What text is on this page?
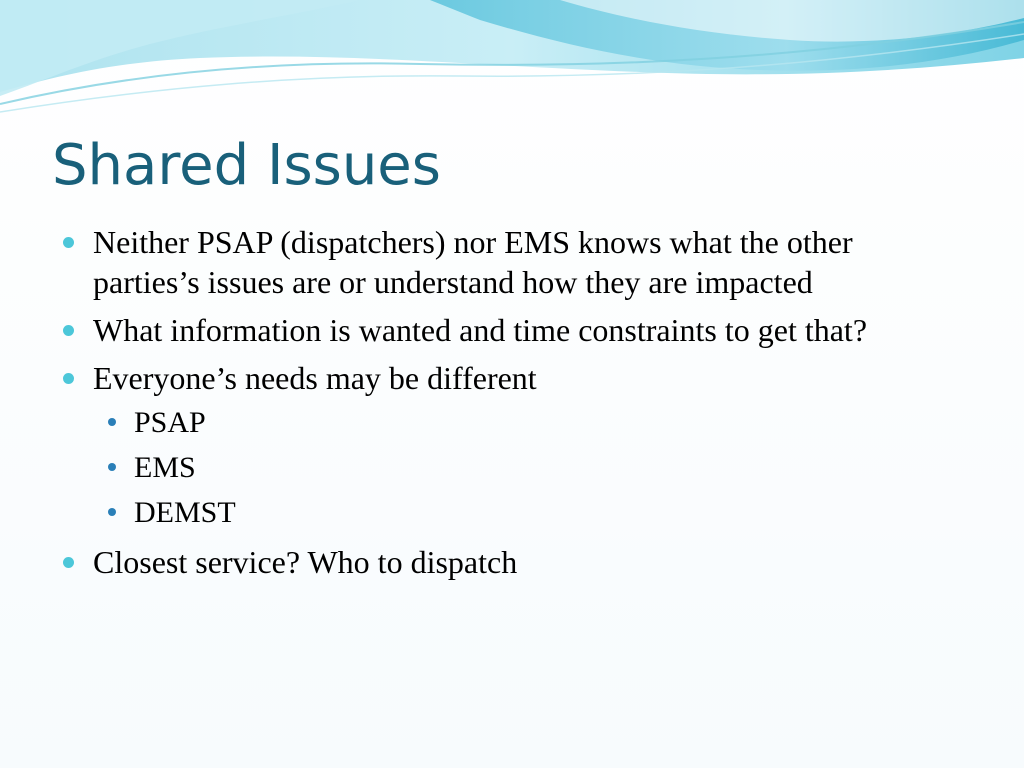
Shared Issues
Neither PSAP (dispatchers) nor EMS knows what the other parties’s issues are or understand how they are impacted
What information is wanted and time constraints to get that?
Everyone’s needs may be different
PSAP
EMS
DEMST
Closest service? Who to dispatch
